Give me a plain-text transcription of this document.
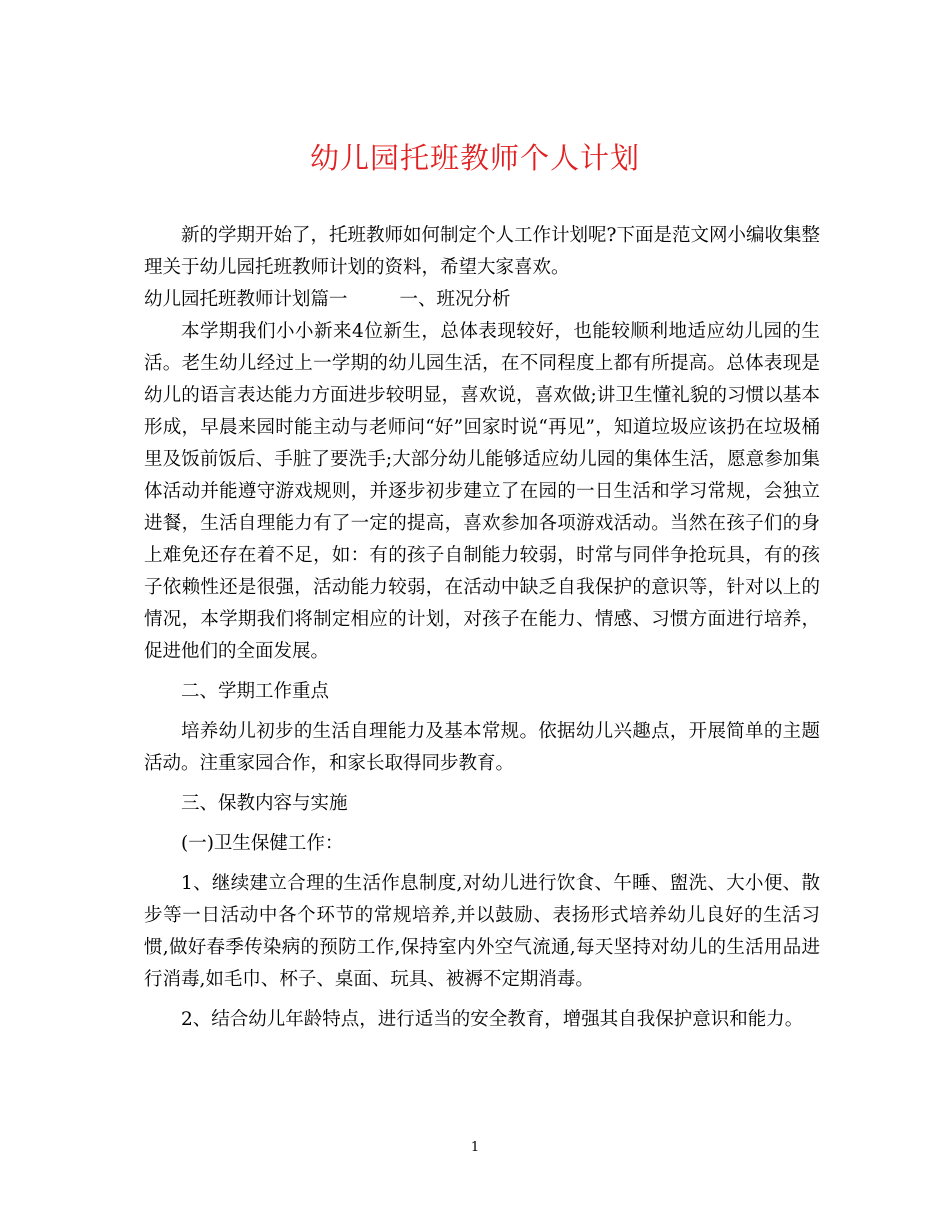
幼儿园托班教师个人计划

新的学期开始了，托班教师如何制定个人工作计划呢?下面是范文网小编收集整理关于幼儿园托班教师计划的资料，希望大家喜欢。

幼儿园托班教师计划篇一	一、班况分析

本学期我们小小新来4位新生，总体表现较好，也能较顺利地适应幼儿园的生活。老生幼儿经过上一学期的幼儿园生活，在不同程度上都有所提高。总体表现是幼儿的语言表达能力方面进步较明显，喜欢说，喜欢做;讲卫生懂礼貌的习惯以基本形成，早晨来园时能主动与老师问“好”回家时说“再见”，知道垃圾应该扔在垃圾桶里及饭前饭后、手脏了要洗手;大部分幼儿能够适应幼儿园的集体生活，愿意参加集体活动并能遵守游戏规则，并逐步初步建立了在园的一日生活和学习常规，会独立进餐，生活自理能力有了一定的提高，喜欢参加各项游戏活动。当然在孩子们的身上难免还存在着不足，如：有的孩子自制能力较弱，时常与同伴争抢玩具，有的孩子依赖性还是很强，活动能力较弱，在活动中缺乏自我保护的意识等，针对以上的情况，本学期我们将制定相应的计划，对孩子在能力、情感、习惯方面进行培养，促进他们的全面发展。

二、学期工作重点

培养幼儿初步的生活自理能力及基本常规。依据幼儿兴趣点，开展简单的主题活动。注重家园合作，和家长取得同步教育。

三、保教内容与实施

(一)卫生保健工作：

1、继续建立合理的生活作息制度,对幼儿进行饮食、午睡、盥洗、大小便、散步等一日活动中各个环节的常规培养,并以鼓励、表扬形式培养幼儿良好的生活习惯,做好春季传染病的预防工作,保持室内外空气流通,每天坚持对幼儿的生活用品进行消毒,如毛巾、杯子、桌面、玩具、被褥不定期消毒。

2、结合幼儿年龄特点，进行适当的安全教育，增强其自我保护意识和能力。

1
